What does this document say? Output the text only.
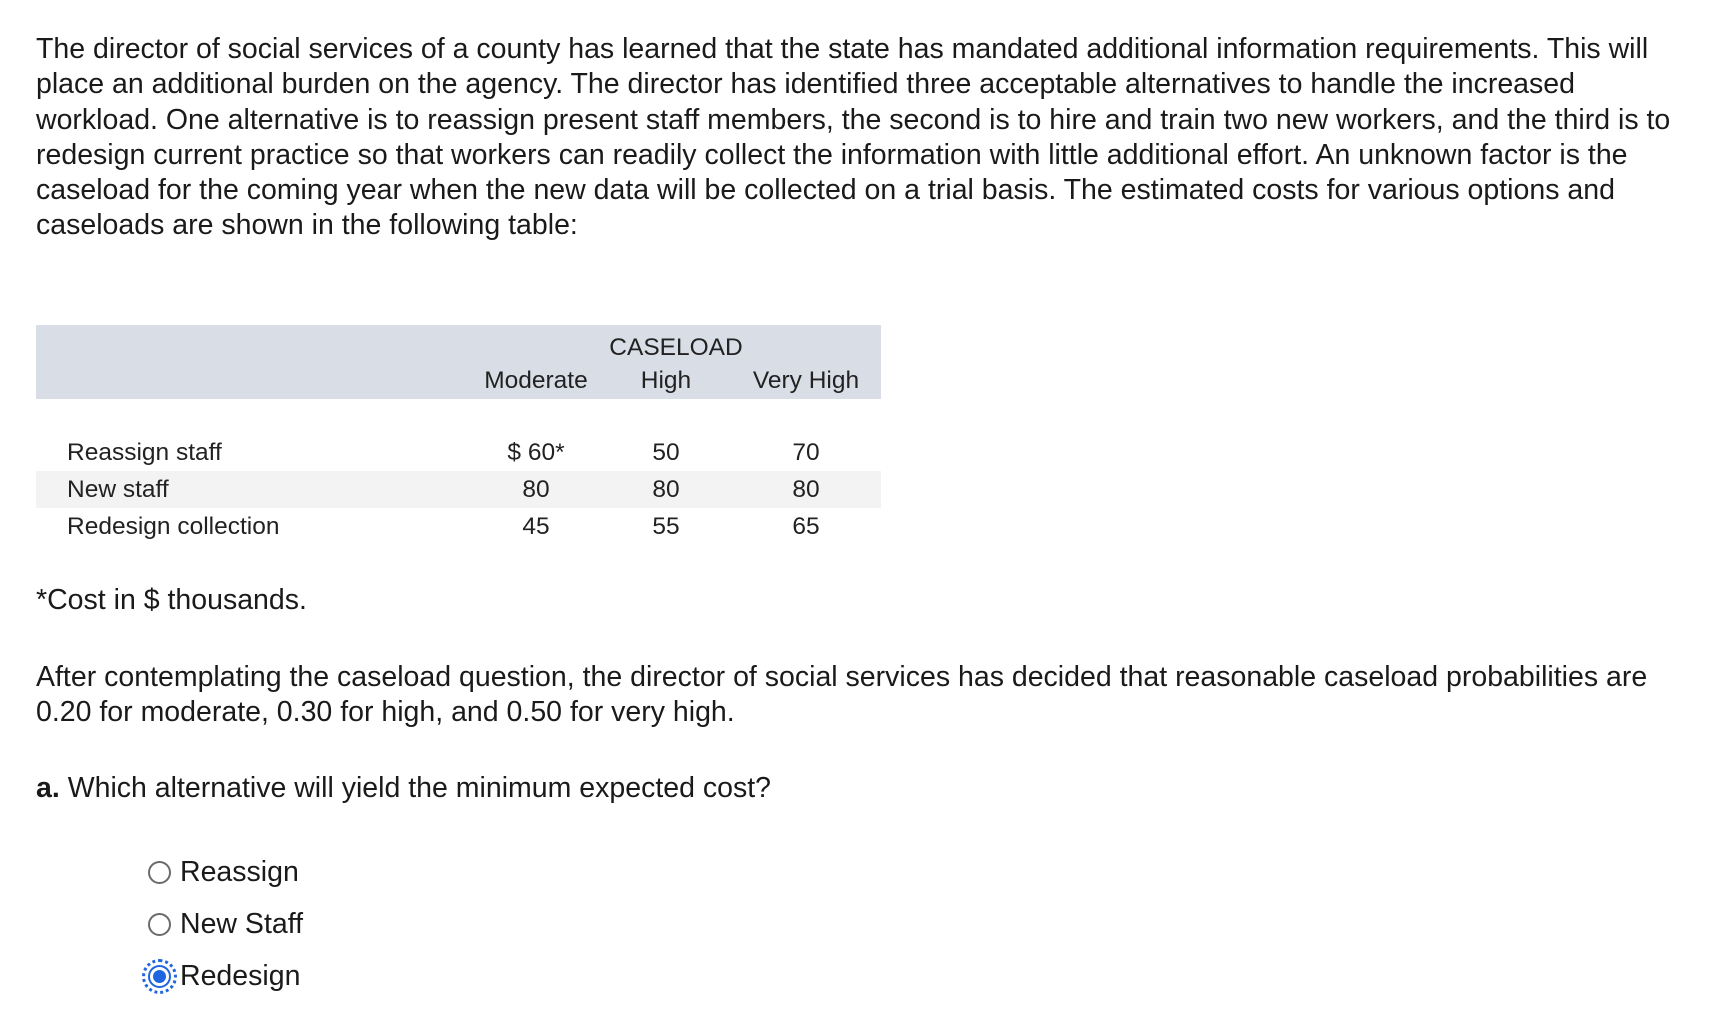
The director of social services of a county has learned that the state has mandated additional information requirements. This will place an additional burden on the agency. The director has identified three acceptable alternatives to handle the increased workload. One alternative is to reassign present staff members, the second is to hire and train two new workers, and the third is to redesign current practice so that workers can readily collect the information with little additional effort. An unknown factor is the caseload for the coming year when the new data will be collected on a trial basis. The estimated costs for various options and caseloads are shown in the following table:

	CASELOAD		
	Moderate	High	Very High

Reassign staff	$ 60*	50	70
New staff	80	80	80
Redesign collection	45	55	65

*Cost in $ thousands.

After contemplating the caseload question, the director of social services has decided that reasonable caseload probabilities are 0.20 for moderate, 0.30 for high, and 0.50 for very high.

a. Which alternative will yield the minimum expected cost?

Reassign
New Staff
Redesign
